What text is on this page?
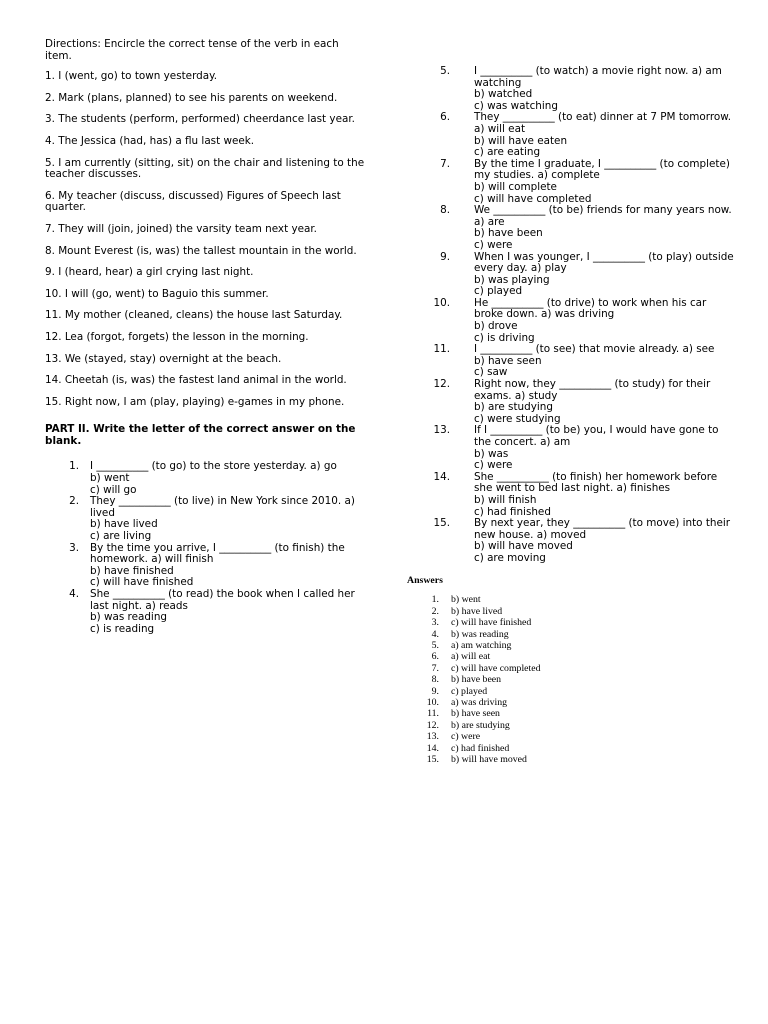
Directions: Encircle the correct tense of the verb in each item.

1. I (went, go) to town yesterday.

2. Mark (plans, planned) to see his parents on weekend.

3. The students (perform, performed) cheerdance last year.

4. The Jessica (had, has) a flu last week.

5. I am currently (sitting, sit) on the chair and listening to the teacher discusses.

6. My teacher (discuss, discussed) Figures of Speech last quarter.

7. They will (join, joined) the varsity team next year.

8. Mount Everest (is, was) the tallest mountain in the world.

9. I (heard, hear) a girl crying last night.

10. I will (go, went) to Baguio this summer.

11. My mother (cleaned, cleans) the house last Saturday.

12. Lea (forgot, forgets) the lesson in the morning.

13. We (stayed, stay) overnight at the beach.

14. Cheetah (is, was) the fastest land animal in the world.

15. Right now, I am (play, playing) e-games in my phone.

PART II. Write the letter of the correct answer on the blank.

1. I __________ (to go) to the store yesterday. a) go
b) went
c) will go
2. They __________ (to live) in New York since 2010. a) lived
b) have lived
c) are living
3. By the time you arrive, I __________ (to finish) the homework. a) will finish
b) have finished
c) will have finished
4. She __________ (to read) the book when I called her last night. a) reads
b) was reading
c) is reading
5. I __________ (to watch) a movie right now. a) am watching
b) watched
c) was watching
6. They __________ (to eat) dinner at 7 PM tomorrow. a) will eat
b) will have eaten
c) are eating
7. By the time I graduate, I __________ (to complete) my studies. a) complete
b) will complete
c) will have completed
8. We __________ (to be) friends for many years now. a) are
b) have been
c) were
9. When I was younger, I __________ (to play) outside every day. a) play
b) was playing
c) played
10. He __________ (to drive) to work when his car broke down. a) was driving
b) drove
c) is driving
11. I __________ (to see) that movie already. a) see
b) have seen
c) saw
12. Right now, they __________ (to study) for their exams. a) study
b) are studying
c) were studying
13. If I __________ (to be) you, I would have gone to the concert. a) am
b) was
c) were
14. She __________ (to finish) her homework before she went to bed last night. a) finishes
b) will finish
c) had finished
15. By next year, they __________ (to move) into their new house. a) moved
b) will have moved
c) are moving
Answers
1. b) went
2. b) have lived
3. c) will have finished
4. b) was reading
5. a) am watching
6. a) will eat
7. c) will have completed
8. b) have been
9. c) played
10. a) was driving
11. b) have seen
12. b) are studying
13. c) were
14. c) had finished
15. b) will have moved
